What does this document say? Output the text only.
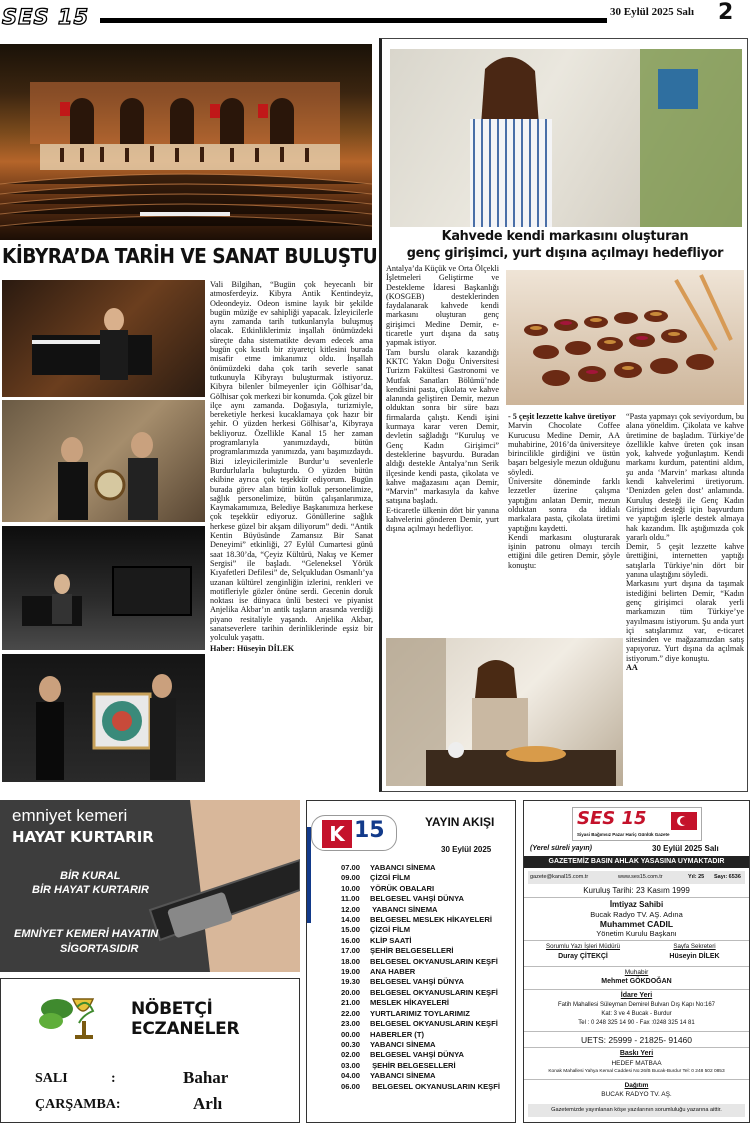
SES 15	30 Eylül 2025 Salı 2
KİBYRA’DA TARİH VE SANAT BULUŞTU

Vali Bilgihan, “Bugün çok heyecanlı bir atmosferdeyiz. Kibyra Antik Kentindeyiz, Odeondeyiz. Odeon ismine layık bir şekilde bugün müziğe ev sahipliği yapacak. İzleyicilerle aynı zamanda tarih tutkunlarıyla buluşmuş olacak. Etkinliklerimiz inşallah önümüzdeki süreçte daha sistematikte devam edecek ama bugün çok kısıtlı bir ziyaretçi kitlesini burada misafir etme imkanımız oldu. İnşallah önümüzdeki daha çok tarih severle sanat tutkunuyla Kibyrayı buluşturmak istiyoruz. Kibyra bilenler bilmeyenler için Gölhisar’da, Gölhisar çok merkezi bir konumda. Çok güzel bir ilçe aynı zamanda. Doğasıyla, turizmiyle, bereketiyle herkesi kucaklamaya çok hazır bir şehir. O yüzden herkesi Gölhisar’a, Kibyraya bekliyoruz. Özellikle Kanal 15 her zaman programlarıyla yanımızdaydı, bütün programlarımızda yanımızda, yanı başımızdaydı. Bizi izleyicilerimizle Burdur’u sevenlerle Burdurlularla buluşturdu. O yüzden bütün ekibine ayrıca çok teşekkür ediyorum. Bugün burada görev alan bütün kolluk personelimize, sağlık personelimize, bütün çalışanlarımıza, Kaymakamımıza, Belediye Başkanımıza herkese çok teşekkür ediyoruz. Gönüllerine sağlık herkese güzel bir akşam diliyorum” dedi. “Antik Kentin Büyüsünde Zamansız Bir Sanat Deneyimi” etkinliği, 27 Eylül Cumartesi günü saat 18.30’da, “Çeyiz Kültürü, Nakış ve Kemer Sergisi” ile başladı. “Geleneksel Yörük Kıyafetleri Defilesi” de, Selçukludan Osmanlı’ya uzanan kültürel zenginliğin izlerini, renkleri ve motifleriyle gözler önüne serdi. Gecenin doruk noktası ise dünyaca ünlü besteci ve piyanist Anjelika Akbar’ın antik taşların arasında verdiği piyano resitaliyle yaşandı. Anjelika Akbar, sanatseverlere tarihin derinliklerinde eşsiz bir yolculuk yaşattı.

Haber: Hüseyin DİLEK

Kahvede kendi markasını oluşturan
genç girişimci, yurt dışına açılmayı hedefliyor

Antalya’da Küçük ve Orta Ölçekli İşletmeleri Geliştirme ve Destekleme İdaresi Başkanlığı (KOSGEB) desteklerinden faydalanarak kahvede kendi markasını oluşturan genç girişimci Medine Demir, e-ticaretle yurt dışına da satış yapmak istiyor.

Tam burslu olarak kazandığı KKTC Yakın Doğu Üniversitesi Turizm Fakültesi Gastronomi ve Mutfak Sanatları Bölümü’nde kendisini pasta, çikolata ve kahve alanında geliştiren Demir, mezun olduktan sonra bir süre bazı firmalarda çalıştı. Kendi işini kurmaya karar veren Demir, devletin sağladığı “Kuruluş ve Genç Kadın Girişimci” desteklerine başvurdu. Buradan aldığı destekle Antalya’nın Serik ilçesinde kendi pasta, çikolata ve kahve mağazasını açan Demir, “Marvin” markasıyla da kahve satışına başladı.

E-ticaretle ülkenin dört bir yanına kahvelerini gönderen Demir, yurt dışına açılmayı hedefliyor.

- 5 çeşit lezzette kahve üretiyor

Marvin Chocolate Coffee Kurucusu Medine Demir, AA muhabirine, 2016’da üniversiteye birincilikle girdiğini ve üstün başarı belgesiyle mezun olduğunu söyledi.

Üniversite döneminde farklı lezzetler üzerine çalışma yaptığını anlatan Demir, mezun olduktan sonra da iddialı markalara pasta, çikolata üretimi yaptığını kaydetti.

Kendi markasını oluşturarak işinin patronu olmayı tercih ettiğini dile getiren Demir, şöyle konuştu:

“Pasta yapmayı çok seviyordum, bu alana yöneldim. Çikolata ve kahve üretimine de başladım. Türkiye’de özellikle kahve üreten çok insan yok, kahvede yoğunlaştım. Kendi markamı kurdum, patentini aldım, şu anda ‘Marvin’ markası altında kendi kahvelerimi üretiyorum. ‘Denizden gelen dost’ anlamında. Kuruluş desteği ile Genç Kadın Girişimci desteği için başvurdum ve yaptığım işlerle destek almaya hak kazandım. İlk aştığımızda çok yararlı oldu.”

Demir, 5 çeşit lezzette kahve ürettiğini, internetten yaptığı satışlarla Türkiye’nin dört bir yanına ulaştığını söyledi.

Markasını yurt dışına da taşımak istediğini belirten Demir, “Kadın genç girişimci olarak yerli markamızın tüm Türkiye’ye yayılmasını istiyorum. Şu anda yurt içi satışlarımız var, e-ticaret sitesinden ve mağazamızdan satış yapıyoruz. Yurt dışına da açılmak istiyorum.” diye konuştu.

AA

emniyet kemeri
HAYAT KURTARIR
BİR KURAL
BİR HAYAT KURTARIR
EMNİYET KEMERİ HAYATIN
SİGORTASIDIR
NÖBETÇİ ECZANELER
SALI	:	Bahar
ÇARŞAMBA:	Arlı
K 15	YAYIN AKIŞI
30 Eylül 2025
07.00	YABANCI SİNEMA
09.00	ÇİZGİ FİLM
10.00	YÖRÜK OBALARI
11.00	BELGESEL VAHŞİ DÜNYA
12.00	YABANCI SİNEMA
14.00	BELGESEL MESLEK HİKAYELERİ
15.00	ÇİZGİ FİLM
16.00	KLİP SAATİ
17.00	ŞEHİR BELGESELLERİ
18.00	BELGESEL OKYANUSLARIN KEŞFİ
19.00	ANA HABER
19.30	BELGESEL VAHŞİ DÜNYA
20.00	BELGESEL OKYANUSLARIN KEŞFİ
21.00	MESLEK HİKAYELERİ
22.00	YURTLARIMIZ TOYLARIMIZ
23.00	BELGESEL OKYANUSLARIN KEŞFİ
00.00	HABERLER (T)
00.30	YABANCI SİNEMA
02.00	BELGESEL VAHŞİ DÜNYA
03.00	ŞEHİR BELGESELLERİ
04.00	YABANCI SİNEMA
06.00	BELGESEL OKYANUSLARIN KEŞFİ
SES 15
Siyasi Bağımsız Pazar Hariç Günlük Gazete
(Yerel süreli yayın)	30 Eylül 2025 Salı
GAZETEMİZ BASIN AHLAK YASASINA UYMAKTADIR
gazete@kanal15.com.tr	www.ses15.com.tr	Yıl: 25 Sayı: 6536
Kuruluş Tarihi: 23 Kasım 1999
İmtiyaz Sahibi
Bucak Radyo TV. AŞ. Adına
Muhammet CADIL
Yönetim Kurulu Başkanı
Sorumlu Yazı İşleri Müdürü
Duray ÇİTEKÇİ
Sayfa Sekreteri
Hüseyin DİLEK
Muhabir
Mehmet GÖKDOĞAN
İdare Yeri
Fatih Mahallesi Süleyman Demirel Bulvarı Dış Kapı No:167
Kat: 3 ve 4 Bucak - Burdur
Tel : 0 248 325 14 90 - Fax :0248 325 14 81
UETS: 25999 - 21825- 91460
Baskı Yeri
HEDEF MATBAA
Konak Mahallesi Yahya Kemal Caddesi No:26/B Bucak-Burdur Tel: 0 248 502 0853
Dağıtım
BUCAK RADYO TV. AŞ.
Gazetemizde yayınlanan köşe yazılarının sorumluluğu yazarına aittir.
